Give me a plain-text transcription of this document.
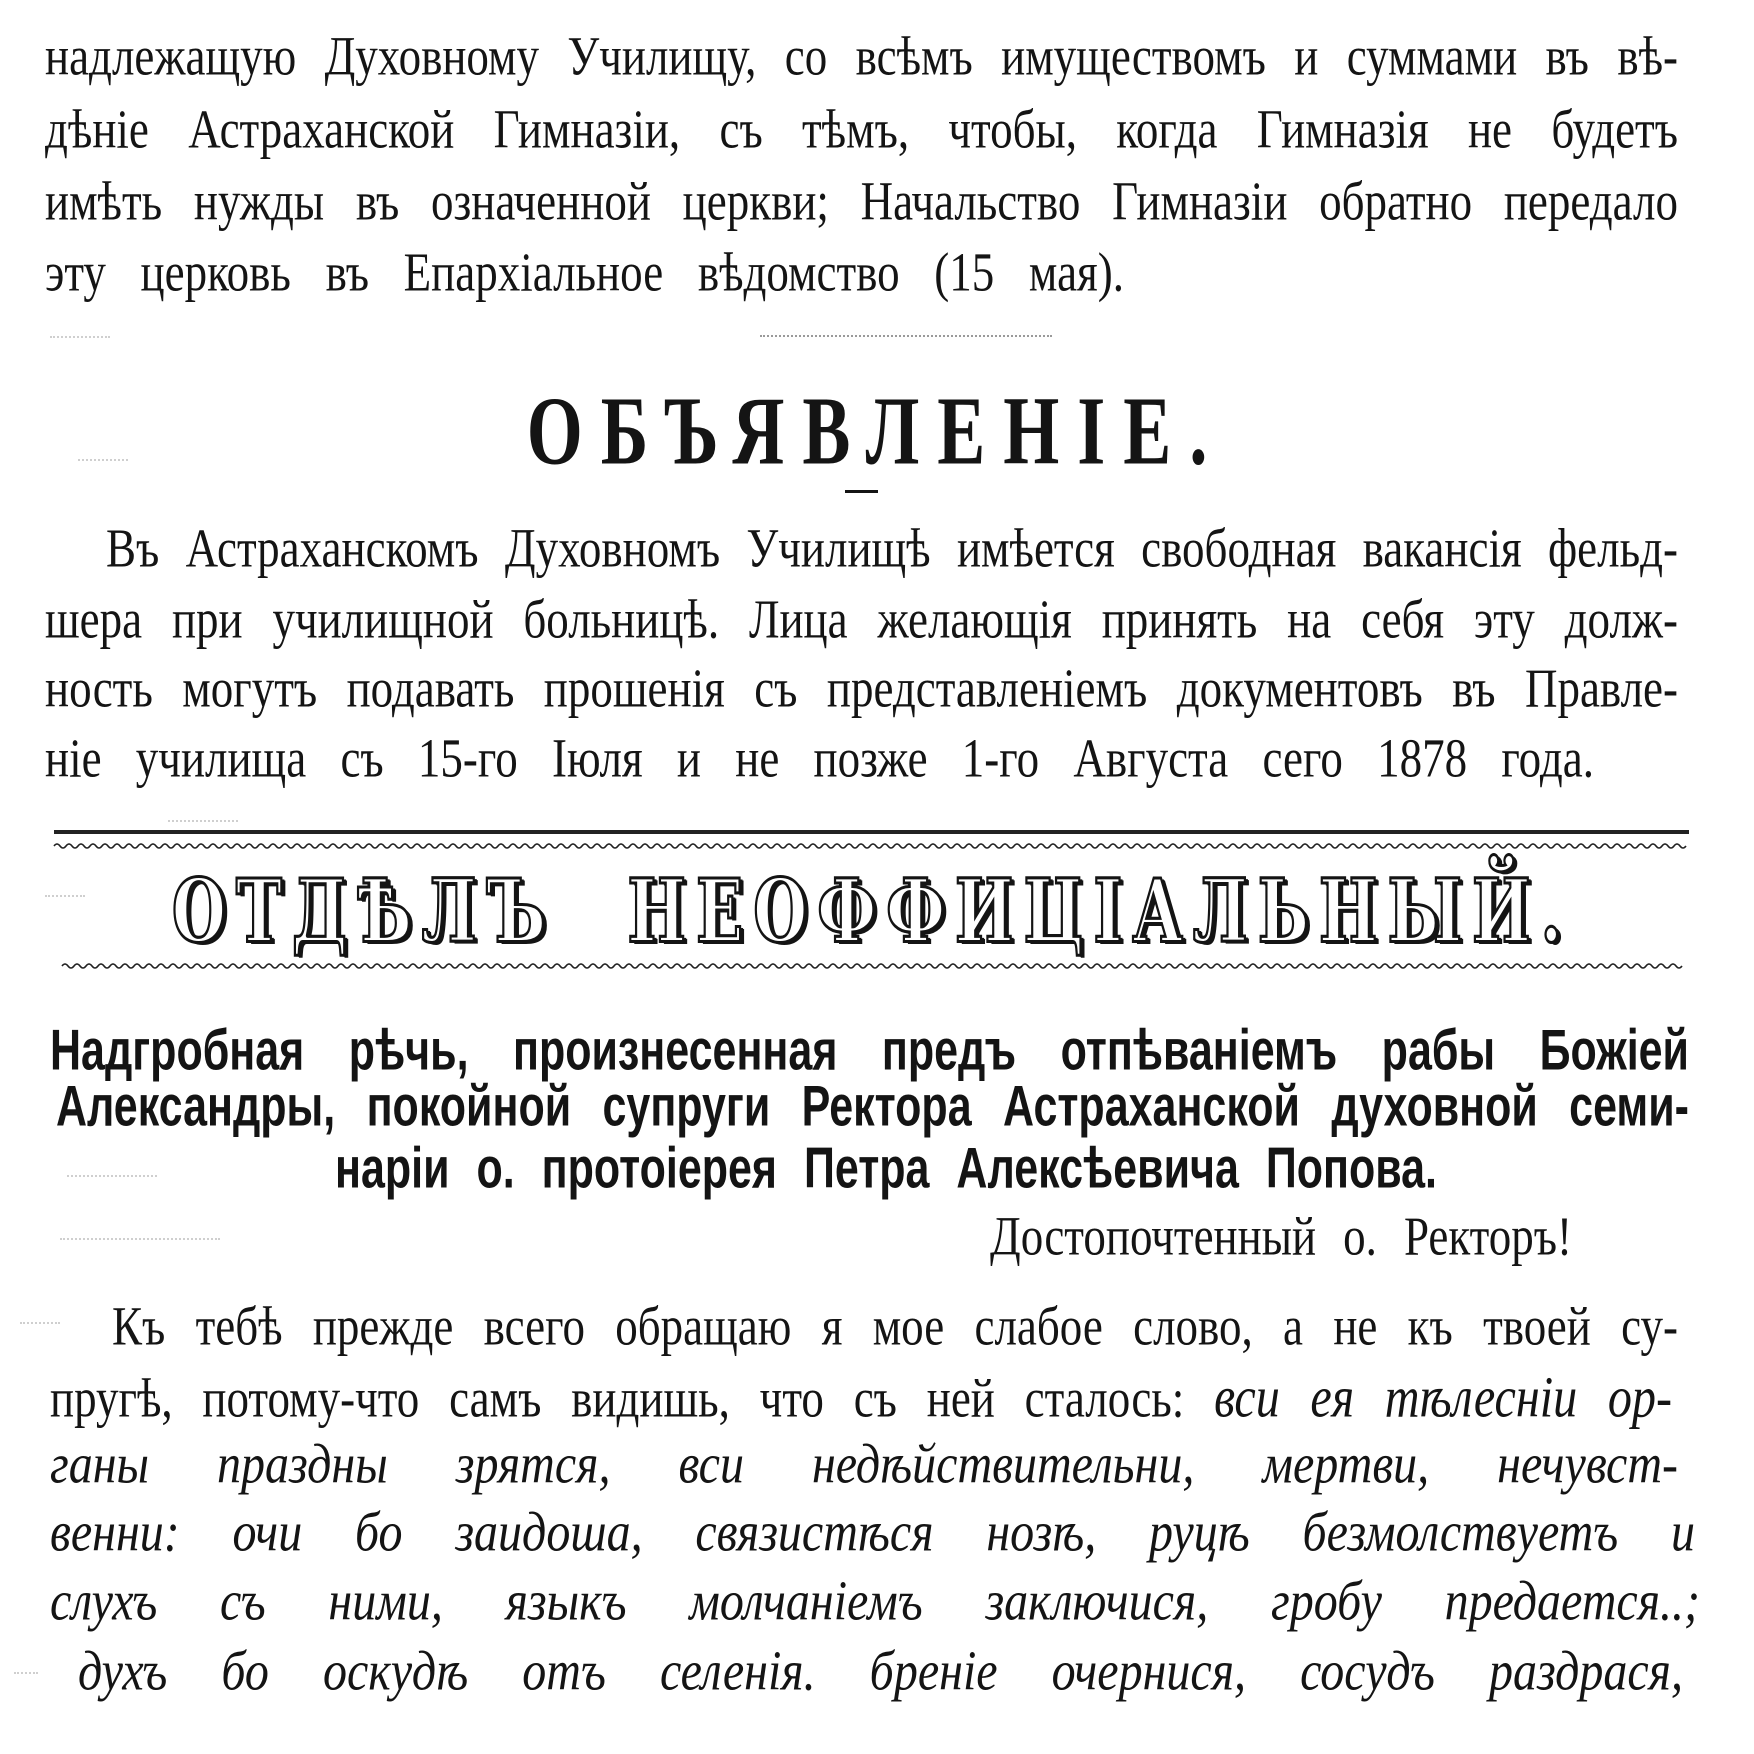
надлежащую Духовному Училищу, со всѣмъ имуществомъ и суммами въ вѣ-
дѣніе Астраханской Гимназіи, съ тѣмъ, чтобы, когда Гимназія не будетъ
имѣть нужды въ означенной церкви; Начальство Гимназіи обратно передало
эту церковь въ Епархіальное вѣдомство (15 мая).
ОБЪЯВЛЕНІЕ.
Въ Астраханскомъ Духовномъ Училищѣ имѣется свободная вакансія фельд-
шера при училищной больницѣ. Лица желающія принять на себя эту долж-
ность могутъ подавать прошенія съ представленіемъ документовъ въ Правле-
ніе училища съ 15-го Іюля и не позже 1-го Августа сего 1878 года.
ОТДѢЛЪ НЕОФФИЦІАЛЬНЫЙ.
Надгробная рѣчь, произнесенная предъ отпѣваніемъ рабы Божіей
Александры, покойной супруги Ректора Астраханской духовной семи-
наріи о. протоіерея Петра Алексѣевича Попова.
Достопочтенный о. Ректоръ!
Къ тебѣ прежде всего обращаю я мое слабое слово, а не къ твоей су-
пругѣ, потому-что самъ видишь, что съ ней сталось: вси ея тѣлесніи ор-
ганы праздны зрятся, вси недѣйствительни, мертви, нечувст-
венни: очи бо заидоша, связистѣся нозѣ, руцѣ безмолствуетъ и
слухъ съ ними, языкъ молчаніемъ заключися, гробу предается..;
духъ бо оскудѣ отъ селенія. бреніе очернися, сосудъ раздрася,
